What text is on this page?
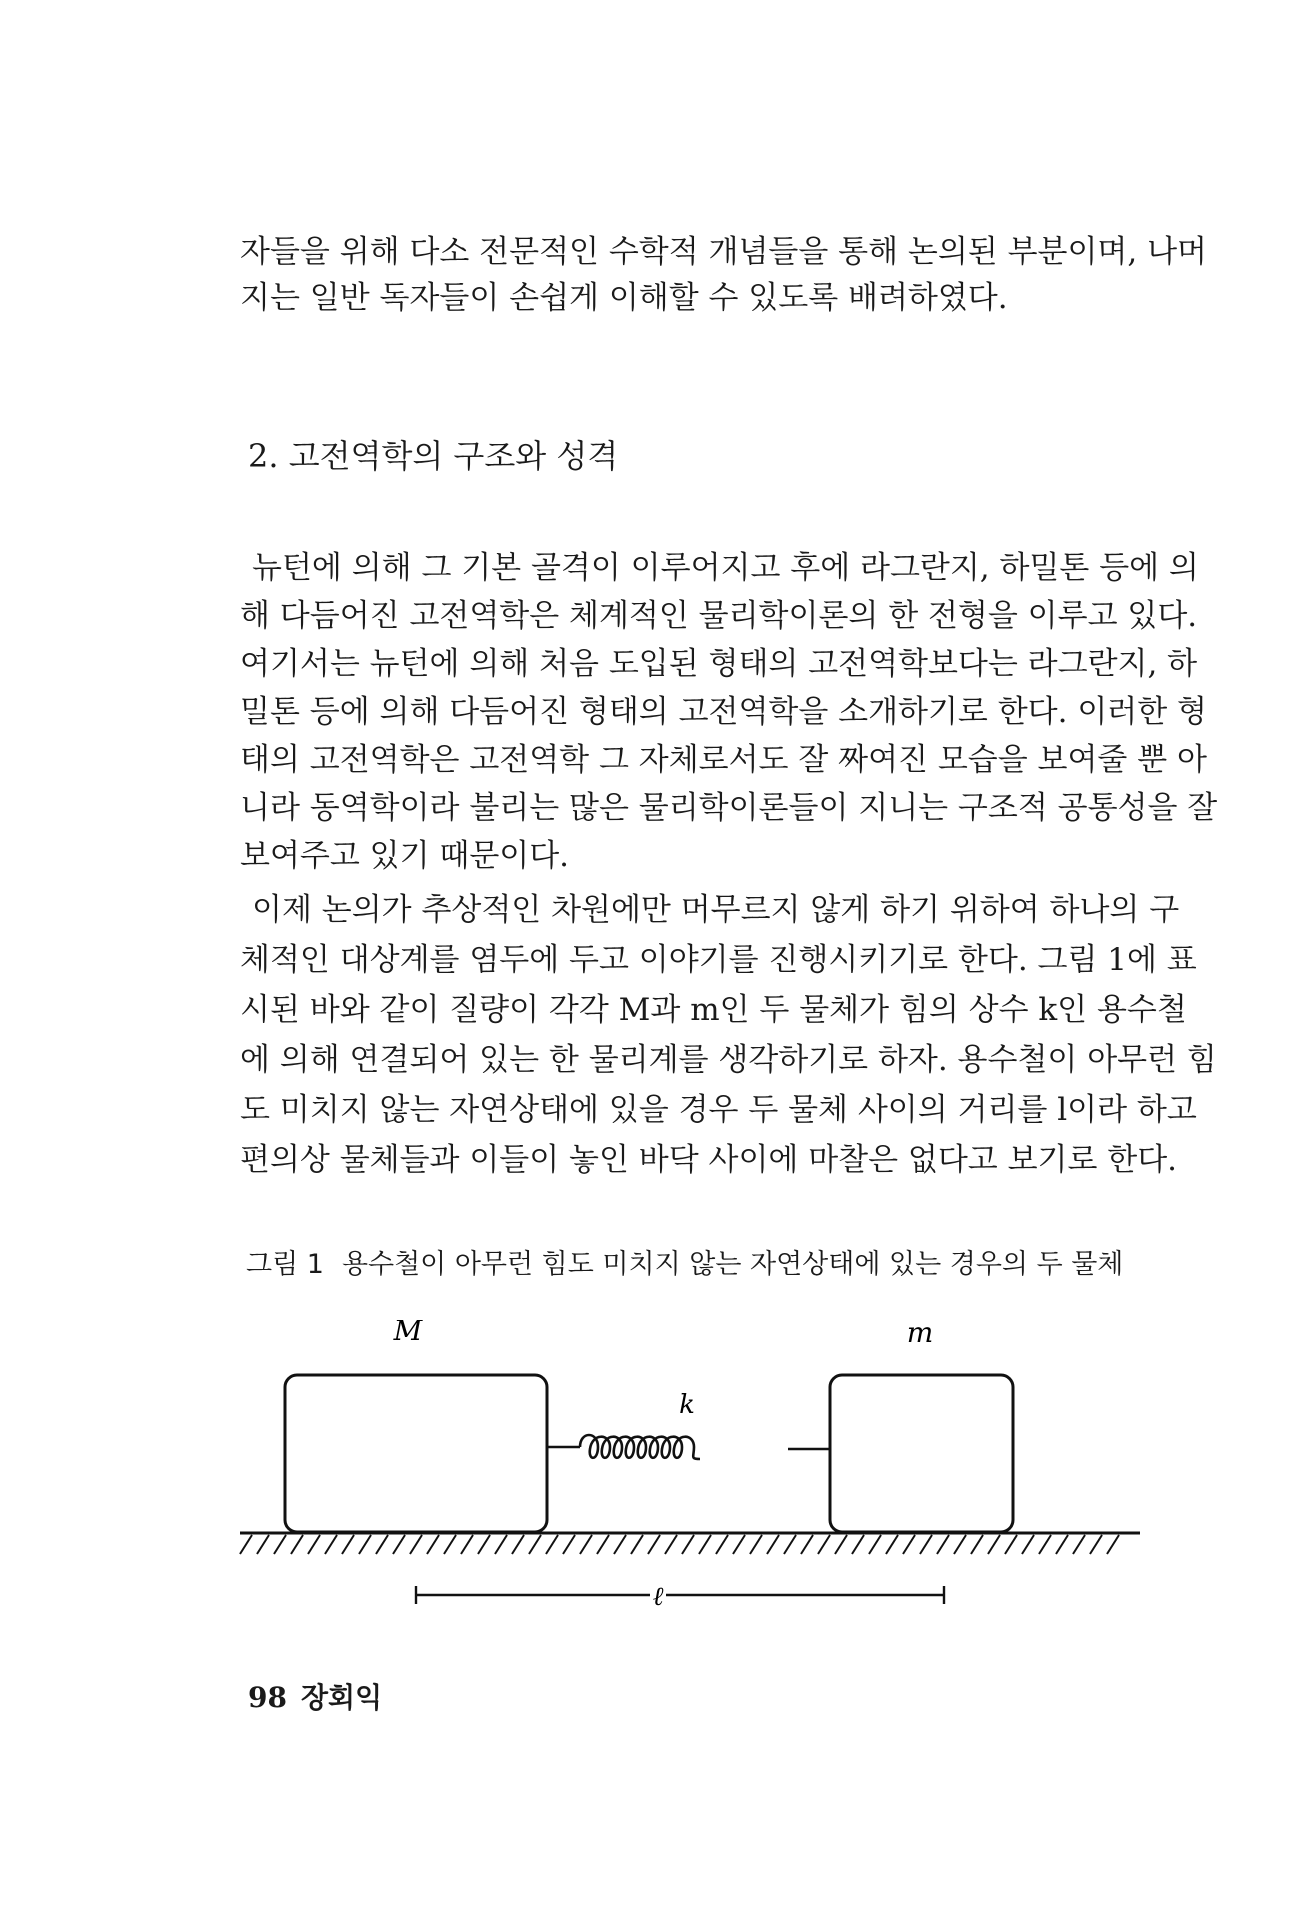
자들을 위해 다소 전문적인 수학적 개념들을 통해 논의된 부분이며, 나머
지는 일반 독자들이 손쉽게 이해할 수 있도록 배려하였다.
2. 고전역학의 구조와 성격
뉴턴에 의해 그 기본 골격이 이루어지고 후에 라그란지, 하밀톤 등에 의
해 다듬어진 고전역학은 체계적인 물리학이론의 한 전형을 이루고 있다.
여기서는 뉴턴에 의해 처음 도입된 형태의 고전역학보다는 라그란지, 하
밀톤 등에 의해 다듬어진 형태의 고전역학을 소개하기로 한다. 이러한 형
태의 고전역학은 고전역학 그 자체로서도 잘 짜여진 모습을 보여줄 뿐 아
니라 동역학이라 불리는 많은 물리학이론들이 지니는 구조적 공통성을 잘
보여주고 있기 때문이다.
이제 논의가 추상적인 차원에만 머무르지 않게 하기 위하여 하나의 구
체적인 대상계를 염두에 두고 이야기를 진행시키기로 한다. 그림 1에 표
시된 바와 같이 질량이 각각 M과 m인 두 물체가 힘의 상수 k인 용수철
에 의해 연결되어 있는 한 물리계를 생각하기로 하자. 용수철이 아무런 힘
도 미치지 않는 자연상태에 있을 경우 두 물체 사이의 거리를 l이라 하고
편의상 물체들과 이들이 놓인 바닥 사이에 마찰은 없다고 보기로 한다.
그림 1 용수철이 아무런 힘도 미치지 않는 자연상태에 있는 경우의 두 물체
M	m
k
ℓ
98 장회익
